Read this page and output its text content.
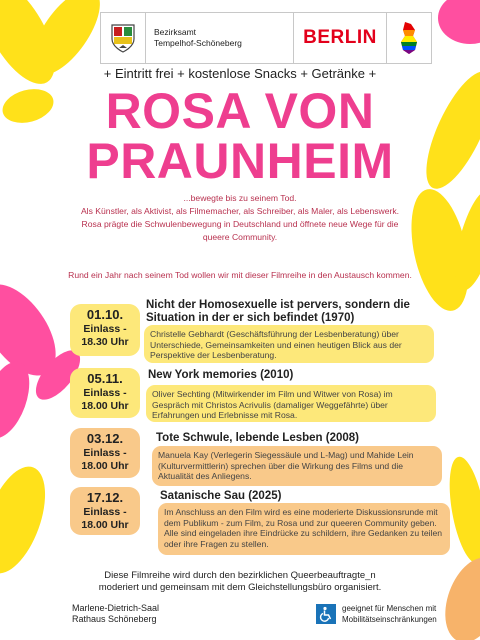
Bezirksamt
Tempelhof-Schöneberg	BERLIN
+ Eintritt frei + kostenlose Snacks + Getränke +
ROSA VON
PRAUNHEIM

...bewegte bis zu seinem Tod.

Als Künstler, als Aktivist, als Filmemacher, als Schreiber, als Maler, als Lebenswerk.

Rosa prägte die Schwulenbewegung in Deutschland und öffnete neue Wege für die

queere Community.

Rund ein Jahr nach seinem Tod wollen wir mit dieser Filmreihe in den Austausch kommen.
01.10.
Einlass -
18.30 Uhr
Nicht der Homosexuelle ist pervers, sondern die Situation in der er sich befindet (1970)
Christelle Gebhardt (Geschäftsführung der Lesbenberatung) über Unterschiede, Gemeinsamkeiten und einen heutigen Blick aus der Perspektive der Lesbenberatung.
05.11.
Einlass -
18.00 Uhr
New York memories (2010)
Oliver Sechting (Mitwirkender im Film und Witwer von Rosa) im Gespräch mit Christos Acrivulis (damaliger Weggefährte) über Erfahrungen und Erlebnisse mit Rosa.
03.12.
Einlass -
18.00 Uhr
Tote Schwule, lebende Lesben (2008)
Manuela Kay (Verlegerin Siegessäule und L-Mag) und Mahide Lein (Kulturvermittlerin) sprechen über die Wirkung des Films und die Aktualität des Anliegens.
17.12.
Einlass -
18.00 Uhr
Satanische Sau (2025)
Im Anschluss an den Film wird es eine moderierte Diskussionsrunde mit dem Publikum - zum Film, zu Rosa und zur queeren Community geben. Alle sind eingeladen ihre Eindrücke zu schildern, ihre Gedanken zu teilen oder ihre Fragen zu stellen.
Diese Filmreihe wird durch den bezirklichen Queerbeauftragte_n
moderiert und gemeinsam mit dem Gleichstellungsbüro organisiert.
Marlene-Dietrich-Saal
Rathaus Schöneberg
geeignet für Menschen mit
Mobilitätseinschränkungen
